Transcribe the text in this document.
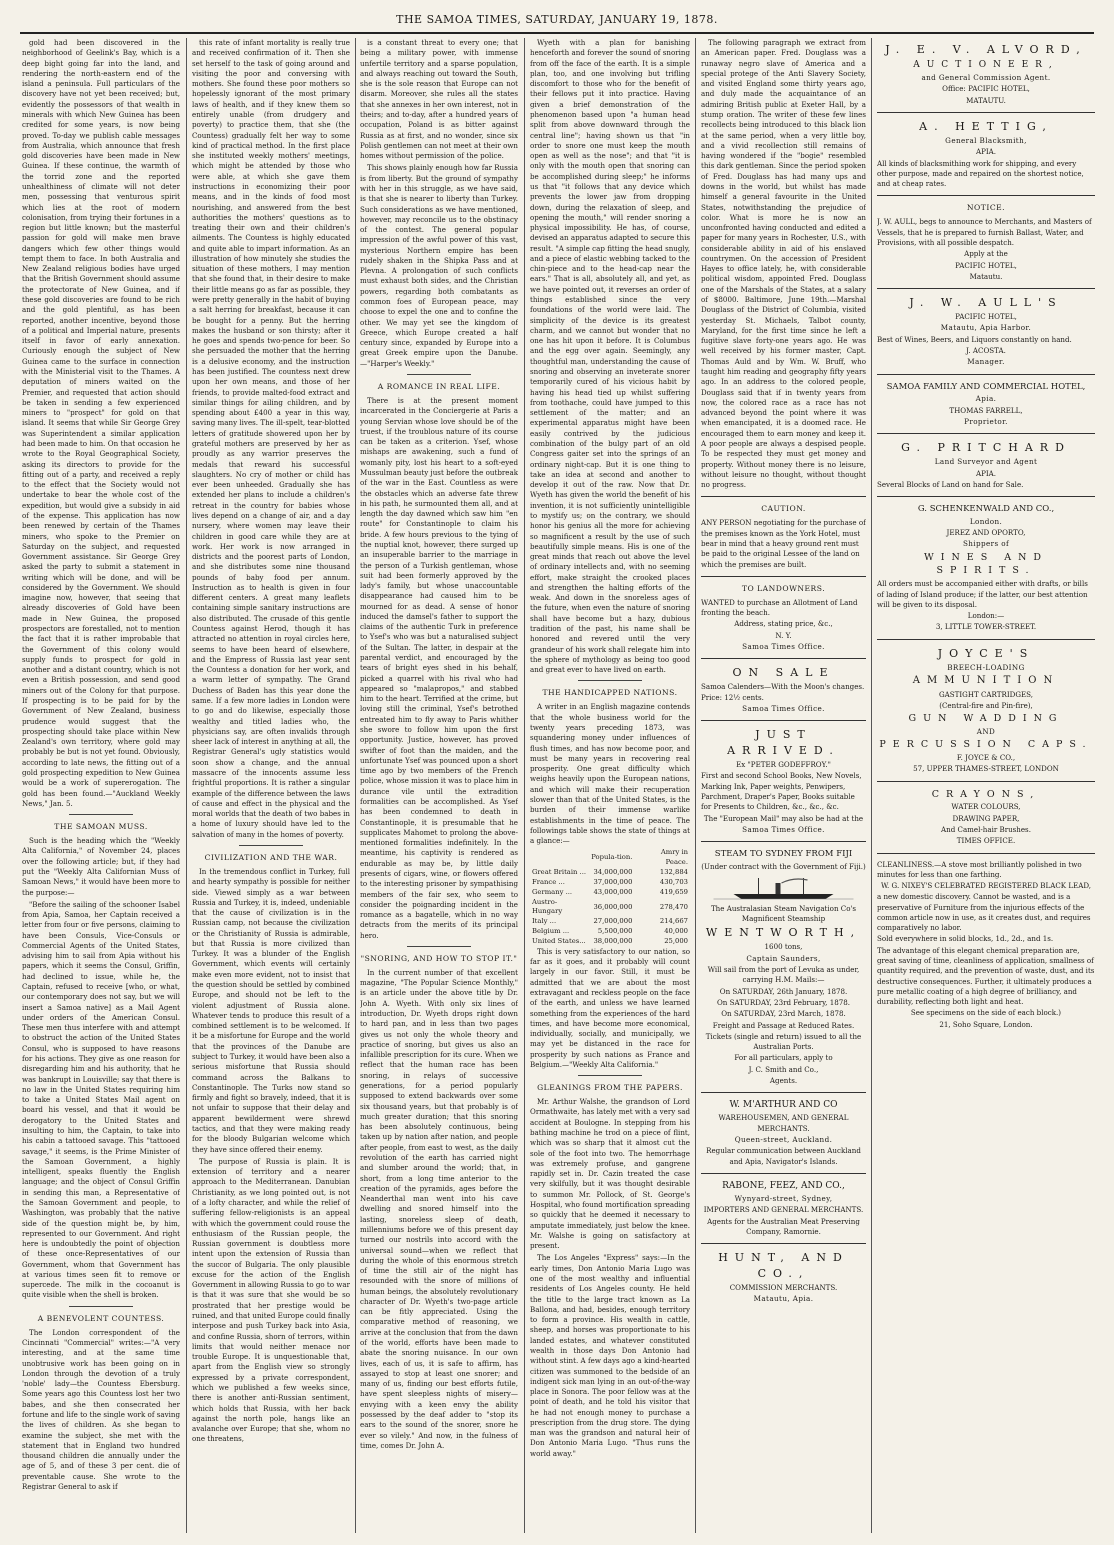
THE SAMOA TIMES, SATURDAY, JANUARY 19, 1878.

gold had been discovered in the neighborhood of Geelink's Bay, which is a deep bight going far into the land, and rendering the north-eastern end of the island a peninsula. Full particulars of the discovery have not yet been received; but, evidently the possessors of that wealth in minerals with which New Guinea has been credited for some years, is now being proved. To-day we publish cable messages from Australia, which announce that fresh gold discoveries have been made in New Guinea. If these continue, the warmth of the torrid zone and the reported unhealthiness of climate will not deter men, possessing that venturous spirit which lies at the root of modern colonisation, from trying their fortunes in a region but little known; but the masterful passion for gold will make men brave dangers which few other things would tempt them to face. In both Australia and New Zealand religious bodies have urged that the British Government should assume the protectorate of New Guinea, and if these gold discoveries are found to be rich and the gold plentiful, as has been reported, another incentive, beyond those of a political and Imperial nature, presents itself in favor of early annexation. Curiously enough the subject of New Guinea came to the surface in connection with the Ministerial visit to the Thames. A deputation of miners waited on the Premier, and requested that action should be taken in sending a few experienced miners to "prospect" for gold on that island. It seems that while Sir George Grey was Superintendent a similar application had been made to him. On that occasion he wrote to the Royal Geographical Society, asking its directors to provide for the fitting out of a party, and received a reply to the effect that the Society would not undertake to bear the whole cost of the expedition, but would give a subsidy in aid of the expense. This application has now been renewed by certain of the Thames miners, who spoke to the Premier on Saturday on the subject, and requested Government assistance. Sir George Grey asked the party to submit a statement in writing which will be done, and will be considered by the Government. We should imagine now, however, that seeing that already discoveries of Gold have been made in New Guinea, the proposed prospectors are forestalled, not to mention the fact that it is rather improbable that the Government of this colony would supply funds to prospect for gold in another and a distant country, which is not even a British possession, and send good miners out of the Colony for that purpose. If prospecting is to be paid for by the Government of New Zealand, business prudence would suggest that the prospecting should take place within New Zealand's own territory, where gold may probably be but is not yet found. Obviously, according to late news, the fitting out of a gold prospecting expedition to New Guinea would be a work of supererogation. The gold has been found.—"Auckland Weekly News," Jan. 5.

THE SAMOAN MUSS.

Such is the heading which the "Weekly Alta California," of November 24, places over the following article; but, if they had put the "Weekly Alta Californian Muss of Samoan News," it would have been more to the purpose:—

"Before the sailing of the schooner Isabel from Apia, Samoa, her Captain received a letter from four or five persons, claiming to have been Consuls, Vice-Consuls or Commercial Agents of the United States, advising him to sail from Apia without his papers, which it seems the Consul, Griffin, had declined to issue, while he, the Captain, refused to receive [who, or what, our contemporary does not say, but we will insert a Samoa native] as a Mail Agent under orders of the American Consul. These men thus interfere with and attempt to obstruct the action of the United States Consul, who is supposed to have reasons for his actions. They give as one reason for disregarding him and his authority, that he was bankrupt in Louisville; say that there is no law in the United States requiring him to take a United States Mail agent on board his vessel, and that it would be derogatory to the United States and insulting to him, the Captain, to take into his cabin a tattooed savage. This "tattooed savage," it seems, is the Prime Minister of the Samoan Government, a highly intelligent, speaks fluently the English language; and the object of Consul Griffin in sending this man, a Representative of the Samoan Government and people, to Washington, was probably that the native side of the question might be, by him, represented to our Government. And right here is undoubtedly the point of objection of these once-Representatives of our Government, whom that Government has at various times seen fit to remove or supercede. The milk in the cocoanut is quite visible when the shell is broken.

A BENEVOLENT COUNTESS.

The London correspondent of the Cincinnati "Commercial" writes:—"A very interesting, and at the same time unobtrusive work has been going on in London through the devotion of a truly 'noble' lady—the Countess Ebersburg. Some years ago this Countess lost her two babes, and she then consecrated her fortune and life to the single work of saving the lives of children. As she began to examine the subject, she met with the statement that in England two hundred thousand children die annually under the age of 5, and of these 3 per cent. die of preventable cause. She wrote to the Registrar General to ask if

this rate of infant mortality is really true and received confirmation of it. Then she set herself to the task of going around and visiting the poor and conversing with mothers. She found these poor mothers so hopelessly ignorant of the most primary laws of health, and if they knew them so entirely unable (from drudgery and poverty) to practice them, that she (the Countess) gradually felt her way to some kind of practical method. In the first place she instituted weekly mothers' meetings, which might be attended by those who were able, at which she gave them instructions in economizing their poor means, and in the kinds of food most nourishing, and answered from the best authorities the mothers' questions as to treating their own and their children's ailments. The Countess is highly educated and quite able to impart information. As an illustration of how minutely she studies the situation of these mothers, I may mention that she found that, in their desire to make their little means go as far as possible, they were pretty generally in the habit of buying a salt herring for breakfast, because it can be bought for a penny. But the herring makes the husband or son thirsty; after it he goes and spends two-pence for beer. So she persuaded the mother that the herring is a delusive economy, and the instruction has been justified. The countess next drew upon her own means, and those of her friends, to provide malted-food extract and similar things for ailing children, and by spending about £400 a year in this way, saving many lives. The ill-spelt, tear-blotted letters of gratitude showered upon her by grateful mothers are preserved by her as proudly as any warrior preserves the medals that reward his successful slaughters. No cry of mother or child has ever been unheeded. Gradually she has extended her plans to include a children's retreat in the country for babies whose lives depend on a change of air, and a day nursery, where women may leave their children in good care while they are at work. Her work is now arranged in districts and the poorest parts of London, and she distributes some nine thousand pounds of baby food per annum. Instruction as to health is given in four different centers. A great many leaflets containing simple sanitary instructions are also distributed. The crusade of this gentle Countess against Herod, though it has attracted no attention in royal circles here, seems to have been heard of elsewhere, and the Empress of Russia last year sent the Countess a donation for her work, and a warm letter of sympathy. The Grand Duchess of Baden has this year done the same. If a few more ladies in London were to go and do likewise, especially those wealthy and titled ladies who, the physicians say, are often invalids through sheer lack of interest in anything at all, the Registrar General's ugly statistics would soon show a change, and the annual massacre of the innocents assume less frightful proportions. It is rather a singular example of the difference between the laws of cause and effect in the physical and the moral worlds that the death of two babes in a home of luxury should have led to the salvation of many in the homes of poverty.

CIVILIZATION AND THE WAR.

In the tremendous conflict in Turkey, full and hearty sympathy is possible for neither side. Viewed simply as a war between Russia and Turkey, it is, indeed, undeniable that the cause of civilization is in the Russian camp, not because the civilization or the Christianity of Russia is admirable, but that Russia is more civilized than Turkey. It was a blunder of the English Government, which events will certainly make even more evident, not to insist that the question should be settled by combined Europe, and should not be left to the violent adjustment of Russia alone. Whatever tends to produce this result of a combined settlement is to be welcomed. If it be a misfortune for Europe and the world that the provinces of the Danube are subject to Turkey, it would have been also a serious misfortune that Russia should command across the Balkans to Constantinople. The Turks now stand so firmly and fight so bravely, indeed, that it is not unfair to suppose that their delay and apparent bewilderment were shrewd tactics, and that they were making ready for the bloody Bulgarian welcome which they have since offered their enemy.

The purpose of Russia is plain. It is extension of territory and a nearer approach to the Mediterranean. Danubian Christianity, as we long pointed out, is not of a lofty character, and while the relief of suffering fellow-religionists is an appeal with which the government could rouse the enthusiasm of the Russian people, the Russian government is doubtless more intent upon the extension of Russia than the succor of Bulgaria. The only plausible excuse for the action of the English Government in allowing Russia to go to war is that it was sure that she would be so prostrated that her prestige would be ruined, and that united Europe could finally interpose and push Turkey back into Asia, and confine Russia, shorn of terrors, within limits that would neither menace nor trouble Europe. It is unquestionable that, apart from the English view so strongly expressed by a private correspondent, which we published a few weeks since, there is another anti-Russian sentiment, which holds that Russia, with her back against the north pole, hangs like an avalanche over Europe; that she, whom no one threatens,

is a constant threat to every one; that being a military power, with immense unfertile territory and a sparse population, and always reaching out toward the South, she is the sole reason that Europe can not disarm. Moreover, she rules all the states that she annexes in her own interest, not in theirs; and to-day, after a hundred years of occupation, Poland is as bitter against Russia as at first, and no wonder, since six Polish gentlemen can not meet at their own homes without permission of the police.

This shows plainly enough how far Russia is from liberty. But the ground of sympathy with her in this struggle, as we have said, is that she is nearer to liberty than Turkey. Such considerations as we have mentioned, however, may reconcile us to the obstinacy of the contest. The general popular impression of the awful power of this vast, mysterious Northern empire has been rudely shaken in the Shipka Pass and at Plevna. A prolongation of such conflicts must exhaust both sides, and the Christian powers, regarding both combatants as common foes of European peace, may choose to expel the one and to confine the other. We may yet see the kingdom of Greece, which Europe created a half century since, expanded by Europe into a great Greek empire upon the Danube.—"Harper's Weekly."

A ROMANCE IN REAL LIFE.

There is at the present moment incarcerated in the Conciergerie at Paris a young Servian whose love should be of the truest, if the troublous nature of its course can be taken as a criterion. Ysef, whose mishaps are awakening, such a fund of womanly pity, lost his heart to a soft-eyed Mussulman beauty just before the outbreak of the war in the East. Countless as were the obstacles which an adverse fate threw in his path, he surmounted them all, and at length the day dawned which saw him "en route" for Constantinople to claim his bride. A few hours previous to the tying of the nuptial knot, however, there surged up an insuperable barrier to the marriage in the person of a Turkish gentleman, whose suit had been formerly approved by the lady's family, but whose unaccountable disappearance had caused him to be mourned for as dead. A sense of honor induced the damsel's father to support the claims of the authentic Turk in preference to Ysef's who was but a naturalised subject of the Sultan. The latter, in despair at the parental verdict, and encouraged by the tears of bright eyes shed in his behalf, picked a quarrel with his rival who had appeared so "malapropos," and stabbed him to the heart. Terrified at the crime, but loving still the criminal, Ysef's betrothed entreated him to fly away to Paris whither she swore to follow him upon the first opportunity. Justice, however, has proved swifter of foot than the maiden, and the unfortunate Ysef was pounced upon a short time ago by two members of the French police, whose mission it was to place him in durance vile until the extradition formalities can be accomplished. As Ysef has been condemned to death in Constantinople, it is presumable that he supplicates Mahomet to prolong the above-mentioned formalities indefinitely. In the meantime, his captivity is rendered as endurable as may be, by little daily presents of cigars, wine, or flowers offered to the interesting prisoner by sympathising members of the fair sex, who seem to consider the poignarding incident in the romance as a bagatelle, which in no way detracts from the merits of its principal hero.

"SNORING, AND HOW TO STOP IT."

In the current number of that excellent magazine, "The Popular Science Monthly," is an article under the above title by Dr. John A. Wyeth. With only six lines of introduction, Dr. Wyeth drops right down to hard pan, and in less than two pages gives us not only the whole theory and practice of snoring, but gives us also an infallible prescription for its cure. When we reflect that the human race has been snoring, in relays of successive generations, for a period popularly supposed to extend backwards over some six thousand years, but that probably is of much greater duration; that this snoring has been absolutely continuous, being taken up by nation after nation, and people after people, from east to west, as the daily revolution of the earth has carried night and slumber around the world; that, in short, from a long time anterior to the creation of the pyramids, ages before the Neanderthal man went into his cave dwelling and snored himself into the lasting, snoreless sleep of death, millenniums before we of this present day turned our nostrils into accord with the universal sound—when we reflect that during the whole of this enormous stretch of time the still air of the night has resounded with the snore of millions of human beings, the absolutely revolutionary character of Dr. Wyeth's two-page article can be fitly appreciated. Using the comparative method of reasoning, we arrive at the conclusion that from the dawn of the world, efforts have been made to abate the snoring nuisance. In our own lives, each of us, it is safe to affirm, has assayed to stop at least one snorer; and many of us, finding our best efforts futile, have spent sleepless nights of misery—envying with a keen envy the ability possessed by the deaf adder to "stop its ears to the sound of the snorer, snore he ever so vilely." And now, in the fulness of time, comes Dr. John A.

Wyeth with a plan for banishing henceforth and forever the sound of snoring from off the face of the earth. It is a simple plan, too, and one involving but trifling discomfort to those who for the benefit of their fellows put it into practice. Having given a brief demonstration of the phenomenon based upon "a human head split from above downward through the central line"; having shown us that "in order to snore one must keep the mouth open as well as the nose"; and that "it is only with the mouth open that snoring can be accomplished during sleep;" he informs us that "it follows that any device which prevents the lower jaw from dropping down, during the relaxation of sleep, and opening the mouth," will render snoring a physical impossibility. He has, of course, devised an apparatus adapted to secure this result. "A simple cap fitting the head snugly, and a piece of elastic webbing tacked to the chin-piece and to the head-cap near the ears." That is all, absolutely all, and yet, as we have pointed out, it reverses an order of things established since the very foundations of the world were laid. The simplicity of the device is its greatest charm, and we cannot but wonder that no one has hit upon it before. It is Columbus and the egg over again. Seemingly, any thoughtful man, understanding the cause of snoring and observing an inveterate snorer temporarily cured of his vicious habit by having his head tied up whilst suffering from toothache, could have jumped to this settlement of the matter; and an experimental apparatus might have been easily contrived by the judicious combination of the bulgy part of an old Congress gaiter set into the springs of an ordinary night-cap. But it is one thing to take an idea at second and another to develop it out of the raw. Now that Dr. Wyeth has given the world the benefit of his invention, it is not sufficiently unintelligible to mystify us; on the contrary, we should honor his genius all the more for achieving so magnificent a result by the use of such beautifully simple means. His is one of the great minds that reach out above the level of ordinary intellects and, with no seeming effort, make straight the crooked places and strengthen the halting efforts of the weak. And down in the snoreless ages of the future, when even the nature of snoring shall have become but a hazy, dubious tradition of the past, his name shall be honored and revered until the very grandeur of his work shall relegate him into the sphere of mythology as being too good and great ever to have lived on earth.

THE HANDICAPPED NATIONS.

A writer in an English magazine contends that the whole business world for the twenty years preceding 1873, was squandering money under influences of flush times, and has now become poor, and must be many years in recovering real prosperity. One great difficulty which weighs heavily upon the European nations, and which will make their recuperation slower than that of the United States, is the burden of their immense warlike establishments in the time of peace. The followings table shows the state of things at a glance:—

	Popula-tion.	Amry in Peace.
Great Britain ...	34,000,000	132,884
France ...	37,000,000	430,703
Germany ...	43,000,000	419,659
Austro-Hungary	36,000,000	278,470
Italy ...	27,000,000	214,667
Belgium ...	5,500,000	40,000
United States...	38,000,000	25,000

This is very satisfactory to our nation, so far as it goes, and it probably will count largely in our favor. Still, it must be admitted that we are about the most extravagant and reckless people on the face of the earth, and unless we have learned something from the experiences of the hard times, and have become more economical, individually, socially, and municipally, we may yet be distanced in the race for prosperity by such nations as France and Belgium.—"Weekly Alta California."

GLEANINGS FROM THE PAPERS.

Mr. Arthur Walshe, the grandson of Lord Ormathwaite, has lately met with a very sad accident at Boulogne. In stepping from his bathing machine he trod on a piece of flint, which was so sharp that it almost cut the sole of the foot into two. The hemorrhage was extremely profuse, and gangrene rapidly set in. Dr. Cazin treated the case very skilfully, but it was thought desirable to summon Mr. Pollock, of St. George's Hospital, who found mortification spreading so quickly that he deemed it necessary to amputate immediately, just below the knee. Mr. Walshe is going on satisfactory at present.

The Los Angeles "Express" says:—In the early times, Don Antonio Maria Lugo was one of the most wealthy and influential residents of Los Angeles county. He held the title to the large tract known as La Ballona, and had, besides, enough territory to form a province. His wealth in cattle, sheep, and horses was proportionate to his landed estates, and whatever constituted wealth in those days Don Antonio had without stint. A few days ago a kind-hearted citizen was summoned to the bedside of an indigent sick man lying in an out-of-the-way place in Sonora. The poor fellow was at the point of death, and he told his visitor that he had not enough money to purchase a prescription from the drug store. The dying man was the grandson and natural heir of Don Antonio Maria Lugo. "Thus runs the world away."

The following paragraph we extract from an American paper. Fred. Douglass was a runaway negro slave of America and a special protege of the Anti Slavery Society, and visited England some thirty years ago, and duly made the acquaintance of an admiring British public at Exeter Hall, by a stump oration. The writer of these few lines recollects being introduced to this black lion at the same period, when a very little boy, and a vivid recollection still remains of having wondered if the "bogie" resembled this dark gentleman. Since the period spoken of Fred. Douglass has had many ups and downs in the world, but whilst has made himself a general favourite in the United States, notwithstanding the prejudice of color. What is more he is now an unconfronted having conducted and edited a paper for many years in Rochester, U.S., with considerable ability in aid of his enslaved countrymen. On the accession of President Hayes to office lately, he, with considerable political wisdom, appointed Fred. Douglass one of the Marshals of the States, at a salary of $8000. Baltimore, June 19th.—Marshal Douglass of the District of Columbia, visited yesterday St. Michaels, Talbot county, Maryland, for the first time since he left a fugitive slave forty-one years ago. He was well received by his former master, Capt. Thomas Auld and by Wm. W. Bruff, who taught him reading and geography fifty years ago. In an address to the colored people, Douglass said that if in twenty years from now, the colored race as a race has not advanced beyond the point where it was when emancipated, it is a doomed race. He encouraged them to earn money and keep it. A poor people are always a despised people. To be respected they must get money and property. Without money there is no leisure, without leisure no thought, without thought no progress.

CAUTION.

ANY PERSON negotiating for the purchase of the premises known as the York Hotel, must bear in mind that a heavy ground rent must be paid to the original Lessee of the land on which the premises are built.

TO LANDOWNERS.

WANTED to purchase an Allotment of Land fronting the beach.

Address, stating price, &c.,

N. Y.

Samoa Times Office.

ON SALE

Samoa Calenders—With the Moon's changes. Price: 12½ cents.

Samoa Times Office.

JUST ARRIVED.

Ex "PETER GODEFFROY."

First and second School Books, New Novels, Marking Ink, Paper weights, Penwipers, Parchment, Draper's Paper, Books suitable for Presents to Children, &c., &c., &c.

The "European Mail" may also be had at the

Samoa Times Office.

STEAM TO SYDNEY FROM FIJI

(Under contract with the Government of Fiji.)

The Australasian Steam Navigation Co's Magnificent Steamship

WENTWORTH,

1600 tons,

Captain Saunders,

Will sail from the port of Levuka as under, carrying H.M. Mails:—

On SATURDAY, 26th January, 1878.

On SATURDAY, 23rd February, 1878.

On SATURDAY, 23rd March, 1878.

Freight and Passage at Reduced Rates.

Tickets (single and return) issued to all the Australian Ports.

For all particulars, apply to

J. C. Smith and Co.,

Agents.

W. M'ARTHUR AND CO

WAREHOUSEMEN, AND GENERAL MERCHANTS.

Queen-street, Auckland.

Regular communication between Auckland and Apia, Navigator's Islands.

RABONE, FEEZ, AND CO.,

Wynyard-street, Sydney,

IMPORTERS AND GENERAL MERCHANTS.

Agents for the Australian Meat Preserving Company, Ramornie.

HUNT, AND CO.,

COMMISSION MERCHANTS.

Matautu, Apia.

J. E. V. ALVORD,

AUCTIONEER,

and General Commission Agent.

Office: PACIFIC HOTEL,

MATAUTU.

A. HETTIG,

General Blacksmith,

APIA.

All kinds of blacksmithing work for shipping, and every other purpose, made and repaired on the shortest notice, and at cheap rates.

NOTICE.

J. W. AULL, begs to announce to Merchants, and Masters of Vessels, that he is prepared to furnish Ballast, Water, and Provisions, with all possible despatch.

Apply at the

PACIFIC HOTEL,

Matautu.

J. W. AULL'S

PACIFIC HOTEL,

Matautu, Apia Harbor.

Best of Wines, Beers, and Liquors constantly on hand.

J. ACOSTA.

Manager.

SAMOA FAMILY AND COMMERCIAL HOTEL,

Apia.

THOMAS FARRELL,

Proprietor.

G. PRITCHARD

Land Surveyor and Agent

APIA.

Several Blocks of Land on hand for Sale.

G. SCHENKENWALD AND CO.,

London.

JEREZ AND OPORTO,

Shippers of

WINES AND SPIRITS.

All orders must be accompanied either with drafts, or bills of lading of Island produce; if the latter, our best attention will be given to its disposal.

London:—

3, LITTLE TOWER-STREET.

JOYCE'S

BREECH-LOADING

AMMUNITION

GASTIGHT CARTRIDGES,

(Central-fire and Pin-fire),

GUN WADDING

AND

PERCUSSION CAPS.

F. JOYCE & CO.,

57, UPPER THAMES-STREET, LONDON

CRAYONS,

WATER COLOURS,

DRAWING PAPER,

And Camel-hair Brushes.

TIMES OFFICE.

CLEANLINESS.—A stove most brilliantly polished in two minutes for less than one farthing.

W. G. NIXEY'S CELEBRATED REGISTERED BLACK LEAD,

a new domestic discovery. Cannot be wasted, and is a preservative of Furniture from the injurious effects of the common article now in use, as it creates dust, and requires comparatively no labor.

Sold everywhere in solid blocks, 1d., 2d., and 1s.

The advantage of this elegant chemical preparation are, great saving of time, cleanliness of application, smallness of quantity required, and the prevention of waste, dust, and its destructive consequences. Further, it ultimately produces a pure metallic coating of a high degree of brilliancy, and durability, reflecting both light and heat.

See specimens on the side of each block.)

21, Soho Square, London.
